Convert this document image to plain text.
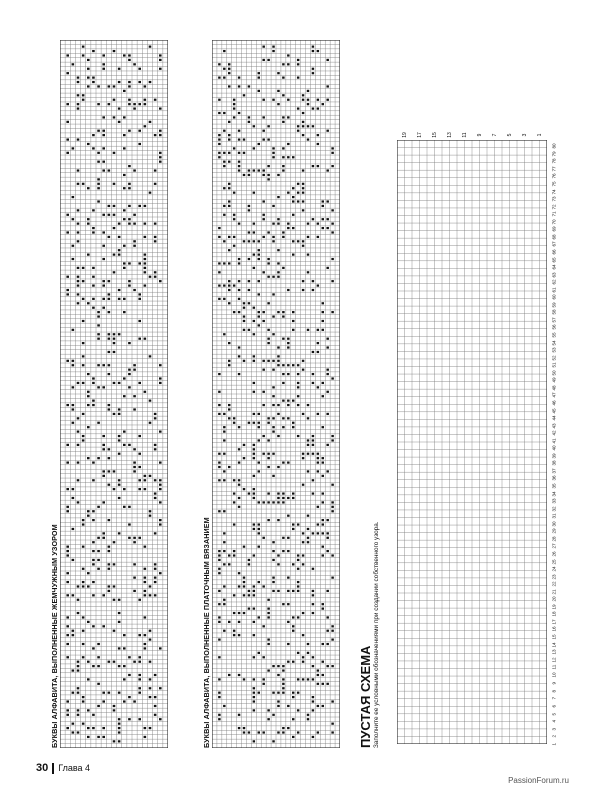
БУКВЫ АЛФАВИТА, ВЫПОЛНЕННЫЕ ЖЕМЧУЖНЫМ УЗОРОМ	БУКВЫ АЛФАВИТА, ВЫПОЛНЕННЫЕ ПЛАТОЧНЫМ ВЯЗАНИЕМ	ПУСТАЯ СХЕМА Заполните ее условными обозначениями при создании собственного узора.
19 17 15 13 11 9 7 5 3 1
1
2
3
4
5
6
7
8
9
10
11
12
13
14
15
16
17
18
19
20
21
22
23
24
25
26
27
28
29
30
31
32
33
34
35
36
37
38
39
40
41
42
43
44
45
46
47
48
49
50
51
52
53
54
55
56
57
58
59
60
61
62
63
64
65
66
67
68
69
70
71
72
73
74
75
76
77
78
79
80
30 Глава 4
PassionForum.ru
